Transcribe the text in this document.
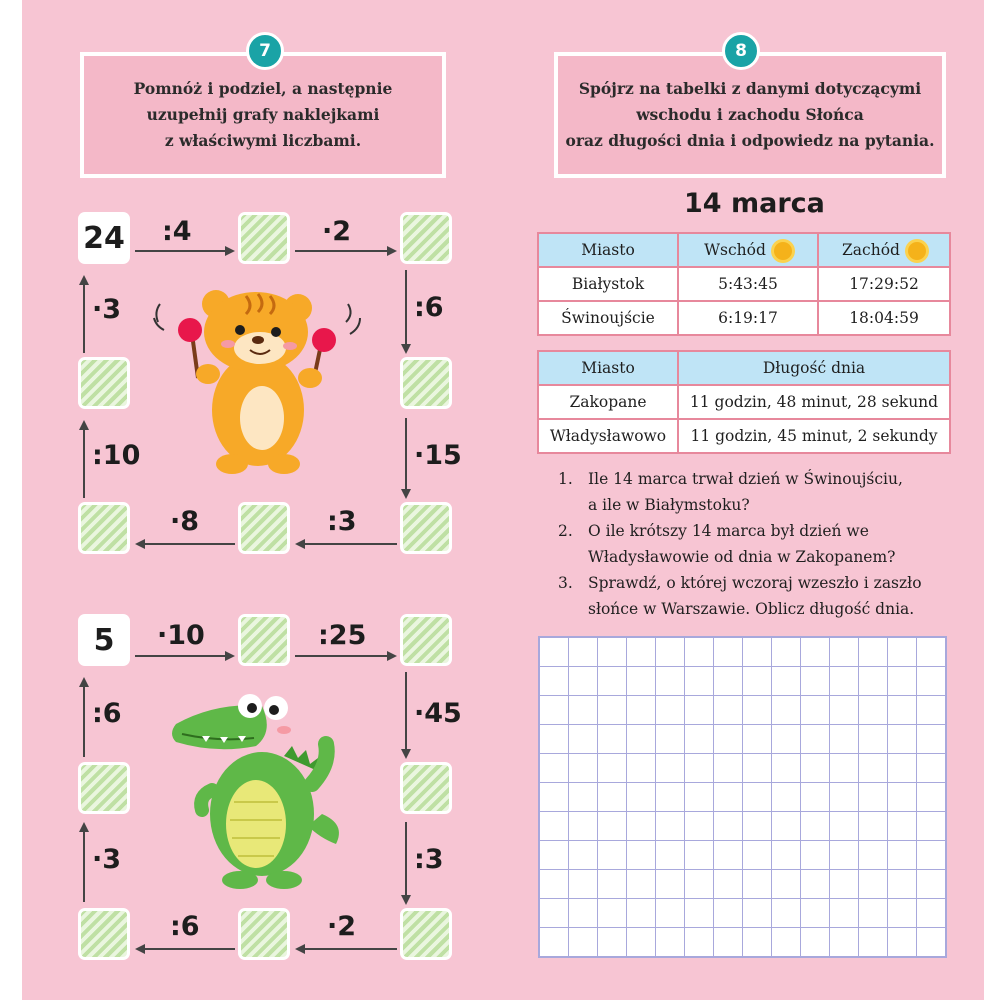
7
Pomnóż i podziel, a następnie
uzupełnij grafy naklejkami
z właściwymi liczbami.
24 :4	·2
:6
·15
:3
·8
:10
·3
5	·10	:25
·45
:3
·2
:6
·3
:6
8
Spójrz na tabelki z danymi dotyczącymi
wschodu i zachodu Słońca
oraz długości dnia i odpowiedz na pytania.
14 marca
Miasto	Wschód	Zachód
Białystok	5:43:45	17:29:52
Świnoujście	6:19:17	18:04:59
Miasto	Długość dnia
Zakopane	11 godzin, 48 minut, 28 sekund
Władysławowo	11 godzin, 45 minut, 2 sekundy
1. Ile 14 marca trwał dzień w Świnoujściu,
a ile w Białymstoku?
2. O ile krótszy 14 marca był dzień we
Władysławowie od dnia w Zakopanem?
3. Sprawdź, o której wczoraj wzeszło i zaszło
słońce w Warszawie. Oblicz długość dnia.
